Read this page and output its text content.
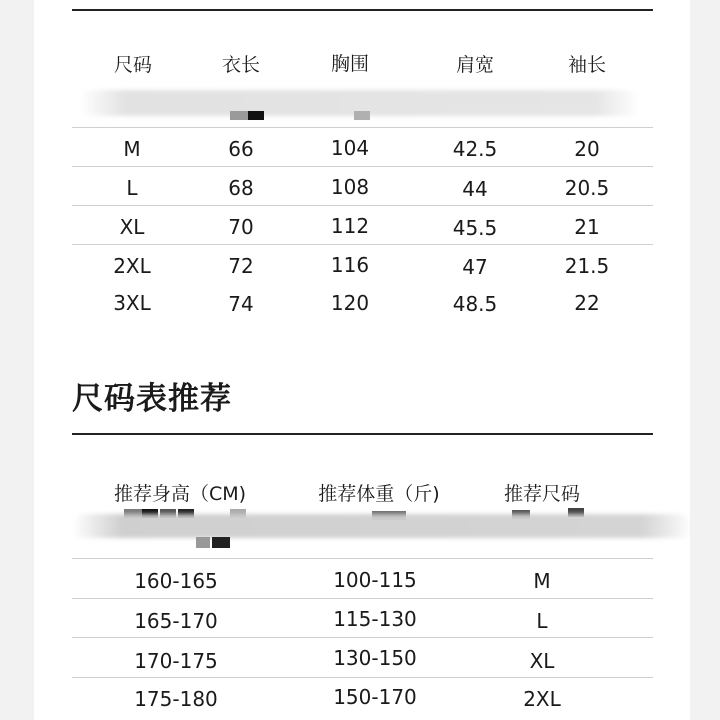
尺码	衣长	胸围	肩宽	袖长
M	66	104	42.5	20
L	68	108	44	20.5
XL	70	112	45.5	21
2XL	72	116	47	21.5
3XL	74	120	48.5	22
尺码表推荐
推荐身高（CM)	推荐体重（斤)	推荐尺码
160-165	100-115	M
165-170	115-130	L
170-175	130-150	XL
175-180	150-170	2XL
